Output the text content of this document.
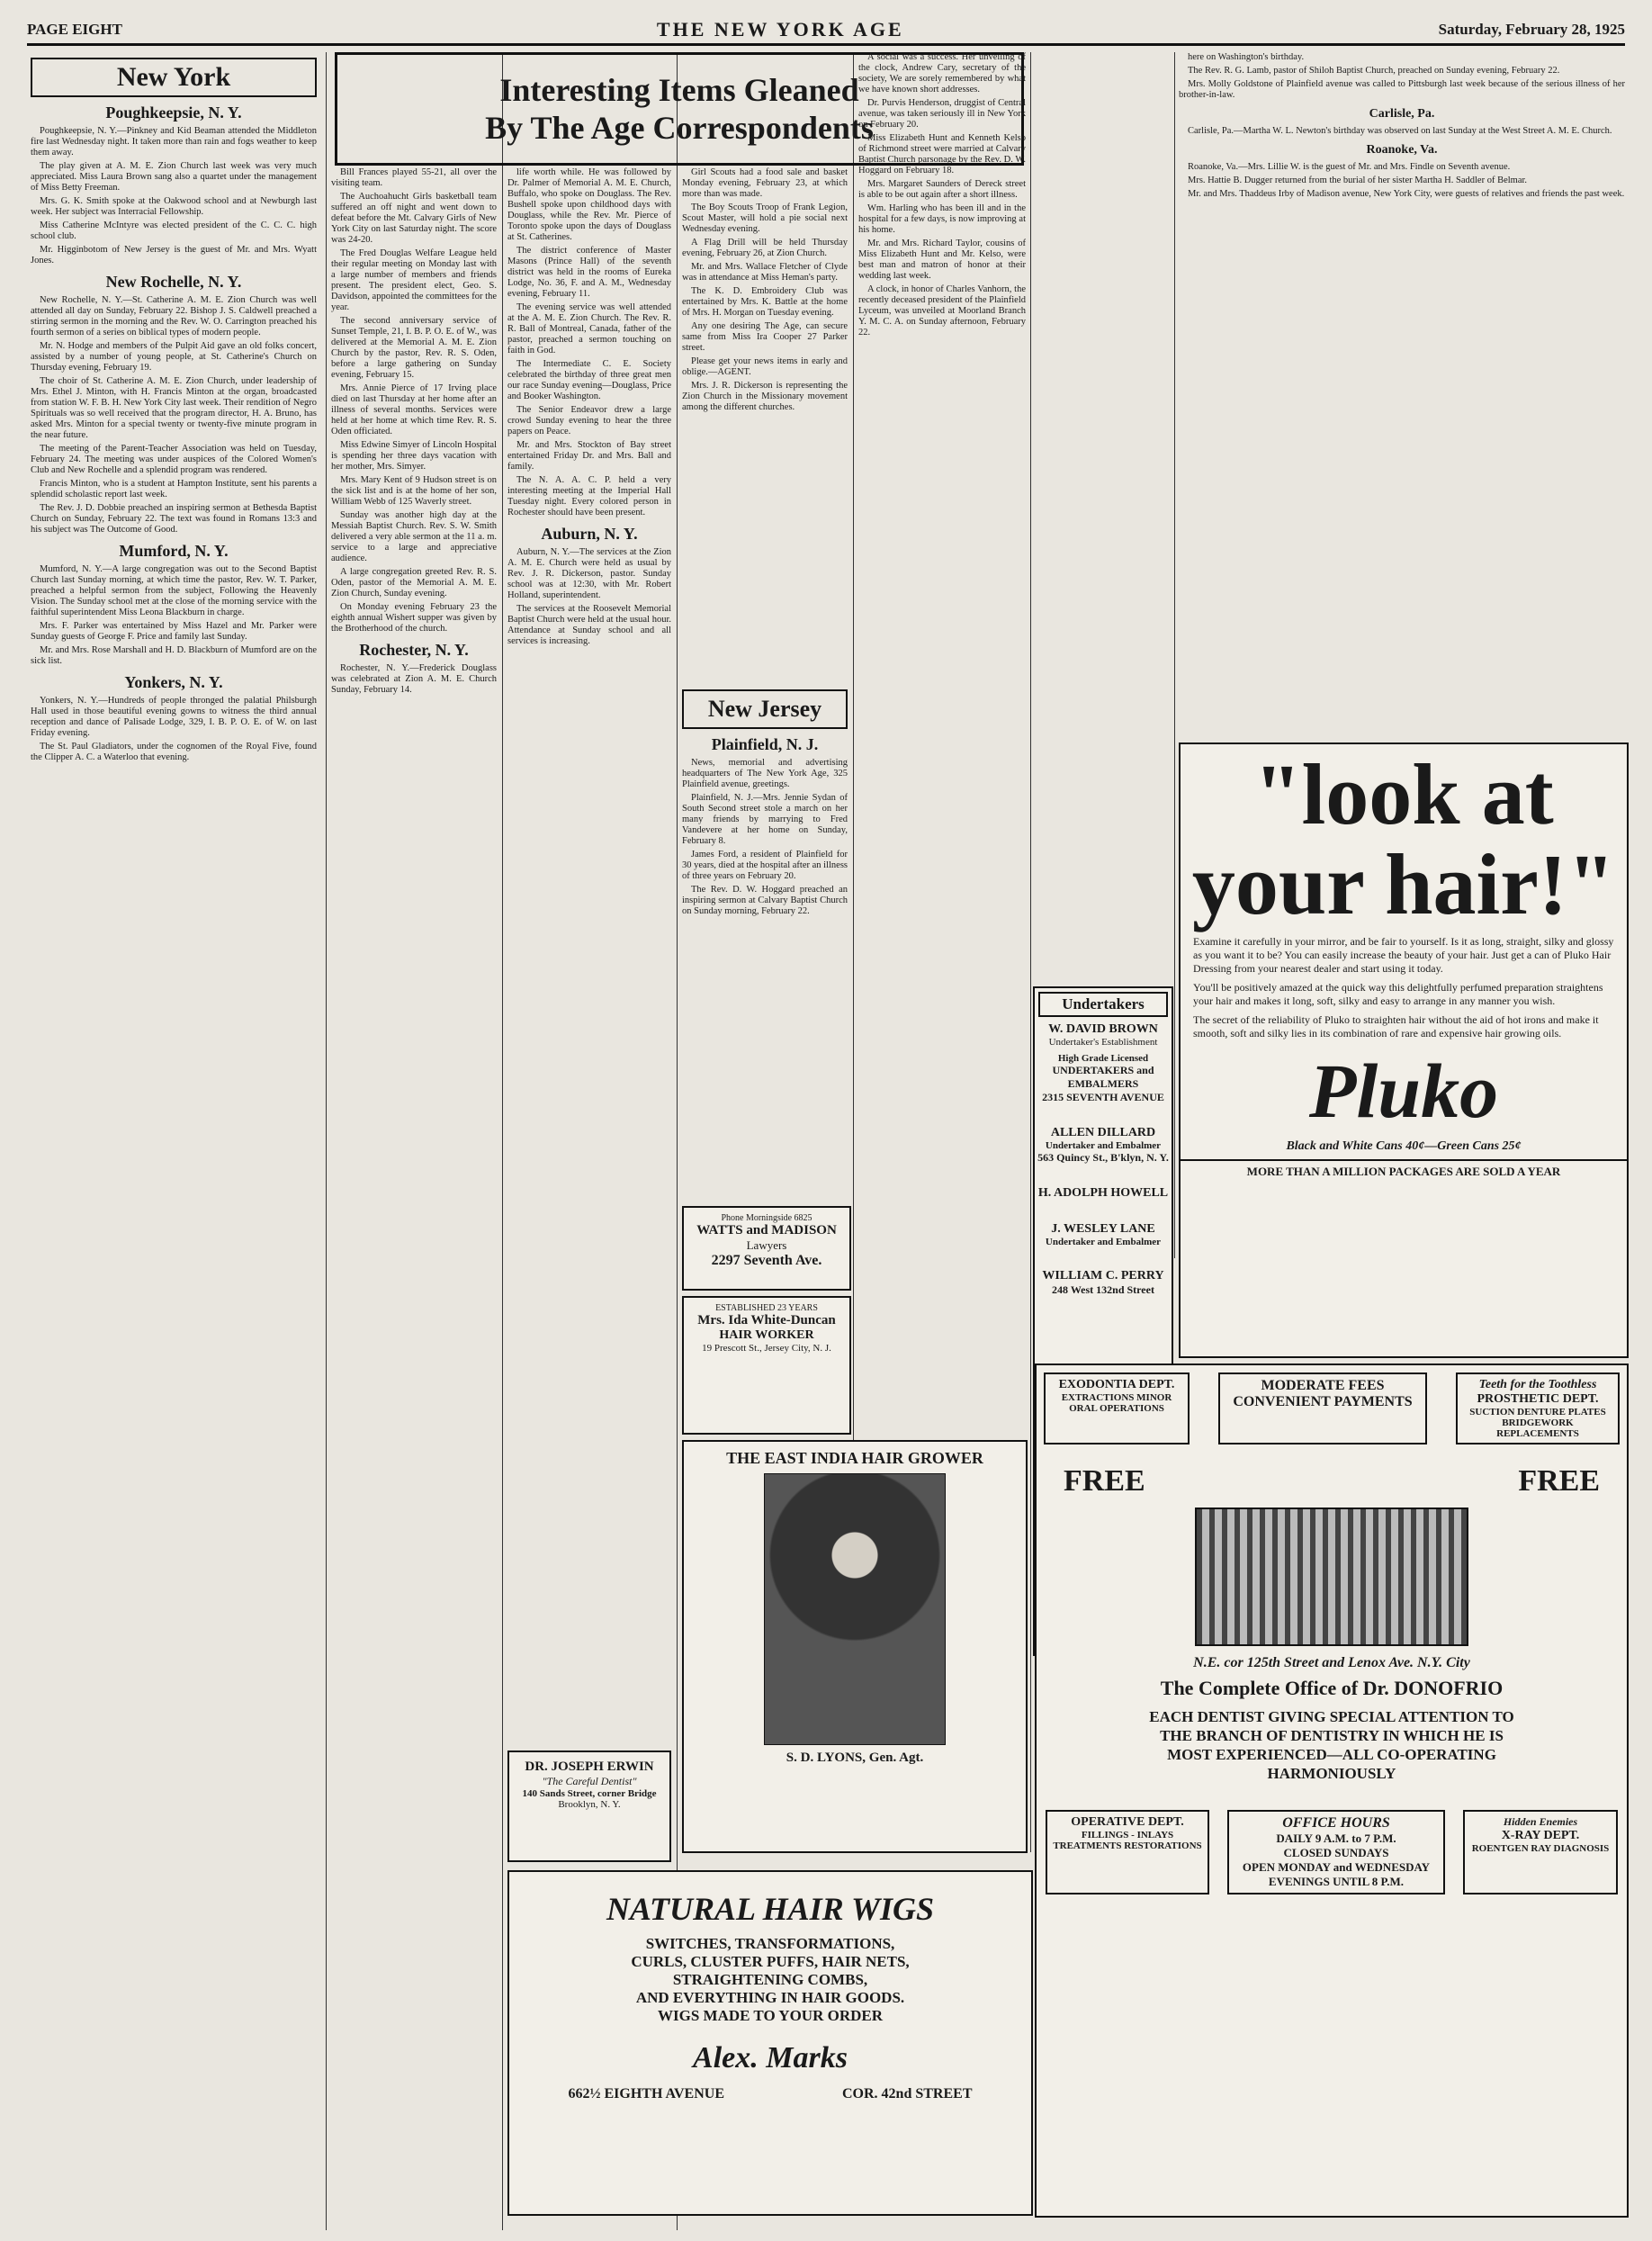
PAGE EIGHT	THE NEW YORK AGE	Saturday, February 28, 1925
Interesting Items Gleaned
By The Age Correspondents
New York
Poughkeepsie, N. Y.

Poughkeepsie, N. Y.—Pinkney and Kid Beaman attended the Middleton fire last Wednesday night. It taken more than rain and fogs weather to keep them away.

The play given at A. M. E. Zion Church last week was very much appreciated. Miss Laura Brown sang also a quartet under the management of Miss Betty Freeman.

Mrs. G. K. Smith spoke at the Oakwood school and at Newburgh last week. Her subject was Interracial Fellowship.

Miss Catherine McIntyre was elected president of the C. C. C. high school club.

Mr. Higginbotom of New Jersey is the guest of Mr. and Mrs. Wyatt Jones.

New Rochelle, N. Y.

New Rochelle, N. Y.—St. Catherine A. M. E. Zion Church was well attended all day on Sunday, February 22. Bishop J. S. Caldwell preached a stirring sermon in the morning and the Rev. W. O. Carrington preached his fourth sermon of a series on biblical types of modern people.

Mr. N. Hodge and members of the Pulpit Aid gave an old folks concert, assisted by a number of young people, at St. Catherine's Church on Thursday evening, February 19.

The choir of St. Catherine A. M. E. Zion Church, under leadership of Mrs. Ethel J. Minton, with H. Francis Minton at the organ, broadcasted from station W. F. B. H. New York City last week. Their rendition of Negro Spirituals was so well received that the program director, H. A. Bruno, has asked Mrs. Minton for a special twenty or twenty-five minute program in the near future.

The meeting of the Parent-Teacher Association was held on Tuesday, February 24. The meeting was under auspices of the Colored Women's Club and New Rochelle and a splendid program was rendered.

Francis Minton, who is a student at Hampton Institute, sent his parents a splendid scholastic report last week.

The Rev. J. D. Dobbie preached an inspiring sermon at Bethesda Baptist Church on Sunday, February 22. The text was found in Romans 13:3 and his subject was The Outcome of Good.

Mumford, N. Y.

Mumford, N. Y.—A large congregation was out to the Second Baptist Church last Sunday morning, at which time the pastor, Rev. W. T. Parker, preached a helpful sermon from the subject, Following the Heavenly Vision. The Sunday school met at the close of the morning service with the faithful superintendent Miss Leona Blackburn in charge.

Mrs. F. Parker was entertained by Miss Hazel and Mr. Parker were Sunday guests of George F. Price and family last Sunday.

Mr. and Mrs. Rose Marshall and H. D. Blackburn of Mumford are on the sick list.

Yonkers, N. Y.

Yonkers, N. Y.—Hundreds of people thronged the palatial Philsburgh Hall used in those beautiful evening gowns to witness the third annual reception and dance of Palisade Lodge, 329, I. B. P. O. E. of W. on last Friday evening.

The St. Paul Gladiators, under the cognomen of the Royal Five, found the Clipper A. C. a Waterloo that evening.

Bill Frances played 55-21, all over the visiting team.

The Auchoahucht Girls basketball team suffered an off night and went down to defeat before the Mt. Calvary Girls of New York City on last Saturday night. The score was 24-20.

The Fred Douglas Welfare League held their regular meeting on Monday last with a large number of members and friends present. The president elect, Geo. S. Davidson, appointed the committees for the year.

The second anniversary service of Sunset Temple, 21, I. B. P. O. E. of W., was delivered at the Memorial A. M. E. Zion Church by the pastor, Rev. R. S. Oden, before a large gathering on Sunday evening, February 15.

Mrs. Annie Pierce of 17 Irving place died on last Thursday at her home after an illness of several months. Services were held at her home at which time Rev. R. S. Oden officiated.

Miss Edwine Simyer of Lincoln Hospital is spending her three days vacation with her mother, Mrs. Simyer.

Mrs. Mary Kent of 9 Hudson street is on the sick list and is at the home of her son, William Webb of 125 Waverly street.

Sunday was another high day at the Messiah Baptist Church. Rev. S. W. Smith delivered a very able sermon at the 11 a. m. service to a large and appreciative audience.

A large congregation greeted Rev. R. S. Oden, pastor of the Memorial A. M. E. Zion Church, Sunday evening.

On Monday evening February 23 the eighth annual Wishert supper was given by the Brotherhood of the church.

Rochester, N. Y.

Rochester, N. Y.—Frederick Douglass was celebrated at Zion A. M. E. Church Sunday, February 14.

life worth while. He was followed by Dr. Palmer of Memorial A. M. E. Church, Buffalo, who spoke on Douglass. The Rev. Bushell spoke upon childhood days with Douglass, while the Rev. Mr. Pierce of Toronto spoke upon the days of Douglass at St. Catherines.

The district conference of Master Masons (Prince Hall) of the seventh district was held in the rooms of Eureka Lodge, No. 36, F. and A. M., Wednesday evening, February 11.

The evening service was well attended at the A. M. E. Zion Church. The Rev. R. R. Ball of Montreal, Canada, father of the pastor, preached a sermon touching on faith in God.

The Intermediate C. E. Society celebrated the birthday of three great men our race Sunday evening—Douglass, Price and Booker Washington.

The Senior Endeavor drew a large crowd Sunday evening to hear the three papers on Peace.

Mr. and Mrs. Stockton of Bay street entertained Friday Dr. and Mrs. Ball and family.

The N. A. A. C. P. held a very interesting meeting at the Imperial Hall Tuesday night. Every colored person in Rochester should have been present.

Auburn, N. Y.

Auburn, N. Y.—The services at the Zion A. M. E. Church were held as usual by Rev. J. R. Dickerson, pastor. Sunday school was at 12:30, with Mr. Robert Holland, superintendent.

The services at the Roosevelt Memorial Baptist Church were held at the usual hour. Attendance at Sunday school and all services is increasing.

DR. JOSEPH ERWIN
"The Careful Dentist"
140 Sands Street, corner Bridge
Brooklyn, N. Y.
NATURAL HAIR WIGS
SWITCHES, TRANSFORMATIONS,
CURLS, CLUSTER PUFFS, HAIR NETS,
STRAIGHTENING COMBS,
AND EVERYTHING IN HAIR GOODS.
WIGS MADE TO YOUR ORDER
Alex. Marks
662½ EIGHTH AVENUE	COR. 42nd STREET

Girl Scouts had a food sale and basket Monday evening, February 23, at which more than was made.

The Boy Scouts Troop of Frank Legion, Scout Master, will hold a pie social next Wednesday evening.

A Flag Drill will be held Thursday evening, February 26, at Zion Church.

Mr. and Mrs. Wallace Fletcher of Clyde was in attendance at Miss Heman's party.

The K. D. Embroidery Club was entertained by Mrs. K. Battle at the home of Mrs. H. Morgan on Tuesday evening.

Any one desiring The Age, can secure same from Miss Ira Cooper 27 Parker street.

Please get your news items in early and oblige.—AGENT.

Mrs. J. R. Dickerson is representing the Zion Church in the Missionary movement among the different churches.

New Jersey
Plainfield, N. J.

News, memorial and advertising headquarters of The New York Age, 325 Plainfield avenue, greetings.

Plainfield, N. J.—Mrs. Jennie Sydan of South Second street stole a march on her many friends by marrying to Fred Vandevere at her home on Sunday, February 8.

James Ford, a resident of Plainfield for 30 years, died at the hospital after an illness of three years on February 20.

The Rev. D. W. Hoggard preached an inspiring sermon at Calvary Baptist Church on Sunday morning, February 22.

Phone Morningside 6825
WATTS and MADISON
Lawyers
2297 Seventh Ave.
ESTABLISHED 23 YEARS
Mrs. Ida White-Duncan
HAIR WORKER
19 Prescott St., Jersey City, N. J.
THE EAST INDIA HAIR GROWER
S. D. LYONS, Gen. Agt.

A social was a success. Her unveiling of the clock, Andrew Cary, secretary of the society, We are sorely remembered by what we have known short addresses.

Dr. Purvis Henderson, druggist of Central avenue, was taken seriously ill in New York on February 20.

Miss Elizabeth Hunt and Kenneth Kelso of Richmond street were married at Calvary Baptist Church parsonage by the Rev. D. W. Hoggard on February 18.

Mrs. Margaret Saunders of Dereck street is able to be out again after a short illness.

Wm. Harling who has been ill and in the hospital for a few days, is now improving at his home.

Mr. and Mrs. Richard Taylor, cousins of Miss Elizabeth Hunt and Mr. Kelso, were best man and matron of honor at their wedding last week.

A clock, in honor of Charles Vanhorn, the recently deceased president of the Plainfield Lyceum, was unveiled at Moorland Branch Y. M. C. A. on Sunday afternoon, February 22.

Undertakers
W. DAVID BROWN
Undertaker's Establishment
High Grade Licensed
UNDERTAKERS and EMBALMERS
2315 SEVENTH AVENUE
ALLEN DILLARD
Undertaker and Embalmer
563 Quincy St., B'klyn, N. Y.
H. ADOLPH HOWELL
J. WESLEY LANE
Undertaker and Embalmer
WILLIAM C. PERRY
248 West 132nd Street

here on Washington's birthday.

The Rev. R. G. Lamb, pastor of Shiloh Baptist Church, preached on Sunday evening, February 22.

Mrs. Molly Goldstone of Plainfield avenue was called to Pittsburgh last week because of the serious illness of her brother-in-law.

Carlisle, Pa.

Carlisle, Pa.—Martha W. L. Newton's birthday was observed on last Sunday at the West Street A. M. E. Church.

Roanoke, Va.

Roanoke, Va.—Mrs. Lillie W. is the guest of Mr. and Mrs. Findle on Seventh avenue.

Mrs. Hattie B. Dugger returned from the burial of her sister Martha H. Saddler of Belmar.

Mr. and Mrs. Thaddeus Irby of Madison avenue, New York City, were guests of relatives and friends the past week.

"look at your hair!"
Examine it carefully in your mirror, and be fair to yourself. Is it as long, straight, silky and glossy as you want it to be? You can easily increase the beauty of your hair. Just get a can of Pluko Hair Dressing from your nearest dealer and start using it today.
You'll be positively amazed at the quick way this delightfully perfumed preparation straightens your hair and makes it long, soft, silky and easy to arrange in any manner you wish.
The secret of the reliability of Pluko to straighten hair without the aid of hot irons and make it smooth, soft and silky lies in its combination of rare and expensive hair growing oils.
Pluko
Black and White Cans 40¢—Green Cans 25¢
MORE THAN A MILLION PACKAGES ARE SOLD A YEAR
EXODONTIA DEPT.
EXTRACTIONS MINOR ORAL OPERATIONS
MODERATE FEES
CONVENIENT PAYMENTS
Teeth for the Toothless
PROSTHETIC DEPT.
SUCTION DENTURE PLATES BRIDGEWORK REPLACEMENTS
FREE	FREE
N.E. cor 125th Street and Lenox Ave. N.Y. City
The Complete Office of Dr. DONOFRIO
EACH DENTIST GIVING SPECIAL ATTENTION TO THE BRANCH OF DENTISTRY IN WHICH HE IS MOST EXPERIENCED—ALL CO-OPERATING HARMONIOUSLY
OPERATIVE DEPT.
FILLINGS - INLAYS TREATMENTS RESTORATIONS
OFFICE HOURS
DAILY 9 A.M. to 7 P.M.
CLOSED SUNDAYS
OPEN MONDAY and WEDNESDAY EVENINGS UNTIL 8 P.M.
Hidden Enemies
X-RAY DEPT.
ROENTGEN RAY DIAGNOSIS
